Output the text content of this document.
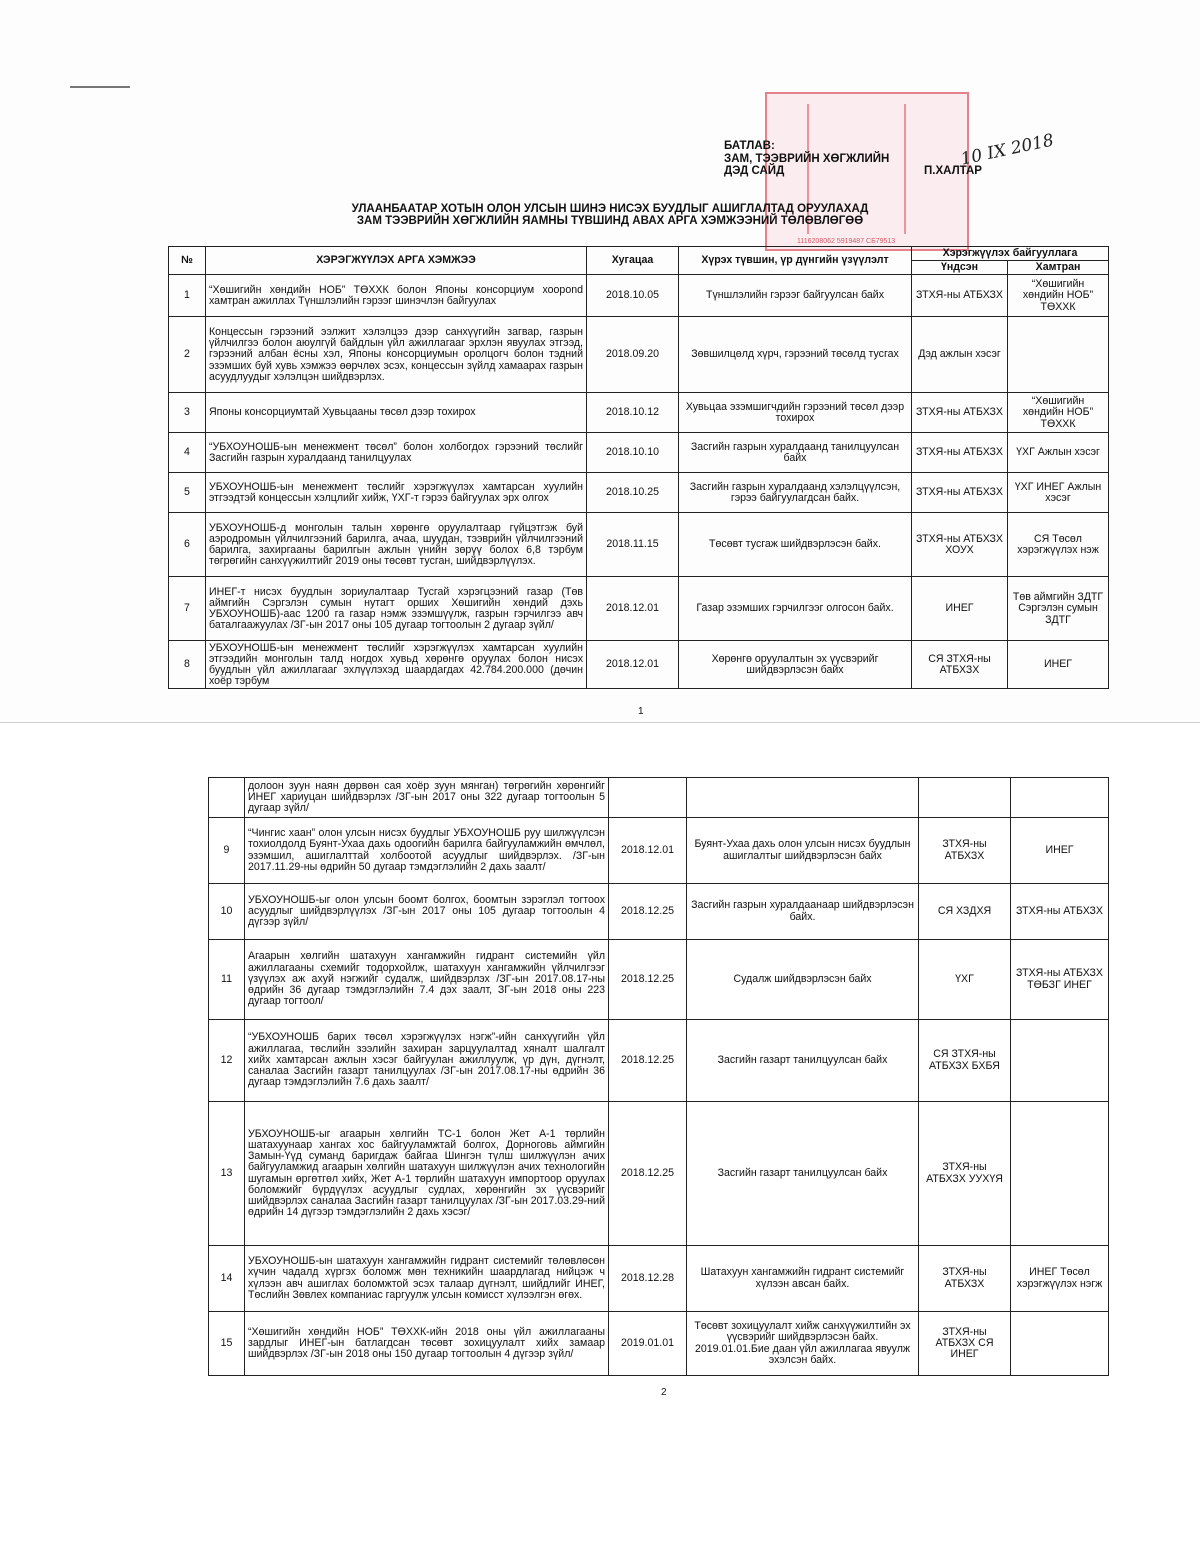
1116208062 5919487 CБ79513
БАТЛАВ:
ЗАМ, ТЭЭВРИЙН ХӨГЖЛИЙН
ДЭД САЙД	П.ХАЛТАР
10 IX 2018
УЛААНБААТАР ХОТЫН ОЛОН УЛСЫН ШИНЭ НИСЭХ БУУДЛЫГ АШИГЛАЛТАД ОРУУЛАХАД
ЗАМ ТЭЭВРИЙН ХӨГЖЛИЙН ЯАМНЫ ТҮВШИНД АВАХ АРГА ХЭМЖЭЭНИЙ ТӨЛӨВЛӨГӨӨ
№	ХЭРЭГЖҮҮЛЭХ АРГА ХЭМЖЭЭ	Хугацаа	Хүрэх түвшин, үр дүнгийн үзүүлэлт	Хэрэгжүүлэх байгууллага	
				Үндсэн	Хамтран
1	“Хөшигийн хөндийн НОБ” ТӨХХК болон Японы консорциум хоорond хамтран ажиллах Түншлэлийн гэрээг шинэчлэн байгуулах	2018.10.05	Түншлэлийн гэрээг байгуулсан байх	ЗТХЯ-ны АТБХЗХ	“Хөшигийн хөндийн НОБ” ТӨХХК
2	Концессын гэрээний ээлжит хэлэлцээ дээр санхүүгийн загвар, газрын үйлчилгээ болон аюулгүй байдлын үйл ажиллагааг эрхлэн явуулах этгээд, гэрээний албан ёсны хэл, Японы консорциумын оролцогч болон тэдний эзэмших буй хувь хэмжээ өөрчлөх эсэх, концессын зүйлд хамаарах газрын асуудлуудыг хэлэлцэн шийдвэрлэх.	2018.09.20	Зөвшилцөлд хүрч, гэрээний төсөлд тусгах	Дэд ажлын хэсэг	
3	Японы консорциумтай Хувьцааны төсөл дээр тохирох	2018.10.12	Хувьцаа эзэмшигчдийн гэрээний төсөл дээр тохирох	ЗТХЯ-ны АТБХЗХ	“Хөшигийн хөндийн НОБ” ТӨХХК
4	“УБХОУНОШБ-ын менежмент төсөл” болон холбогдох гэрээний төслийг Засгийн газрын хуралдаанд танилцуулах	2018.10.10	Засгийн газрын хуралдаанд танилцуулсан байх	ЗТХЯ-ны АТБХЗХ	ҮХГ Ажлын хэсэг
5	УБХОУНОШБ-ын менежмент төслийг хэрэгжүүлэх хамтарсан хуулийн этгээдтэй концессын хэлцлийг хийж, ҮХГ-т гэрээ байгуулах эрх олгох	2018.10.25	Засгийн газрын хуралдаанд хэлэлцүүлсэн, гэрээ байгуулагдсан байх.	ЗТХЯ-ны АТБХЗХ	ҮХГ ИНЕГ Ажлын хэсэг
6	УБХОУНОШБ-д монголын талын хөрөнгө оруулалтаар гүйцэтгэж буй аэродромын үйлчилгээний барилга, ачаа, шуудан, тээврийн үйлчилгээний барилга, захиргааны барилгын ажлын үнийн зөрүү болох 6,8 тэрбум төгрөгийн санхүүжилтийг 2019 оны төсөвт тусган, шийдвэрлүүлэх.	2018.11.15	Төсөвт тусгаж шийдвэрлэсэн байх.	ЗТХЯ-ны АТБХЗХ ХОУХ	СЯ Төсөл хэрэгжүүлэх нэж
7	ИНЕГ-т нисэх буудлын зориулалтаар Тусгай хэрэгцээний газар (Төв аймгийн Сэргэлэн сумын нутагт орших Хөшигийн хөндий дэхь УБХОУНОШБ)-аас 1200 га газар нэмж эзэмшүүлж, газрын гэрчилгээ авч баталгаажуулах /ЗГ-ын 2017 оны 105 дугаар тогтоолын 2 дугаар зүйл/	2018.12.01	Газар эзэмших гэрчилгээг олгосон байх.	ИНЕГ	Төв аймгийн ЗДТГ Сэргэлэн сумын ЗДТГ
8	УБХОУНОШБ-ын менежмент төслийг хэрэгжүүлэх хамтарсан хуулийн этгээдийн монголын талд ногдох хувьд хөрөнгө оруулах болон нисэх буудлын үйл ажиллагааг эхлүүлэхэд шаардагдах 42.784.200.000 (дөчин хоёр тэрбум	2018.12.01	Хөрөнгө оруулалтын эх үүсвэрийг шийдвэрлэсэн байх	СЯ ЗТХЯ-ны АТБХЗХ	ИНЕГ
1
	долоон зуун наян дөрвөн сая хоёр зуун мянган) төгрөгийн хөрөнгийг ИНЕГ хариуцан шийдвэрлэх /ЗГ-ын 2017 оны 322 дугаар тогтоолын 5 дугаар зүйл/				
9	“Чингис хаан” олон улсын нисэх буудлыг УБХОУНОШБ руу шилжүүлсэн тохиолдолд Буянт-Ухаа дахь одоогийн барилга байгууламжийн өмчлөл, эзэмшил, ашиглалттай холбоотой асуудлыг шийдвэрлэх. /ЗГ-ын 2017.11.29-ны өдрийн 50 дугаар тэмдэглэлийн 2 дахь заалт/	2018.12.01	Буянт-Ухаа дахь олон улсын нисэх буудлын ашиглалтыг шийдвэрлэсэн байх	ЗТХЯ-ны АТБХЗХ	ИНЕГ
10	УБХОУНОШБ-ыг олон улсын боомт болгох, боомтын зэрэглэл тогтоох асуудлыг шийдвэрлүүлэх /ЗГ-ын 2017 оны 105 дугаар тогтоолын 4 дүгээр зүйл/	2018.12.25	Засгийн газрын хуралдаанаар шийдвэрлэсэн байх.	СЯ ХЗДХЯ	ЗТХЯ-ны АТБХЗХ
11	Агаарын хөлгийн шатахуун хангамжийн гидрант системийн үйл ажиллагааны схемийг тодорхойлж, шатахуун хангамжийн үйлчилгээг үзүүлэх аж ахуй нэгжийг судалж, шийдвэрлэх /ЗГ-ын 2017.08.17-ны өдрийн 36 дугаар тэмдэглэлийн 7.4 дэх заалт, ЗГ-ын 2018 оны 223 дугаар тогтоол/	2018.12.25	Судалж шийдвэрлэсэн байх	ҮХГ	ЗТХЯ-ны АТБХЗХ ТӨБЗГ ИНЕГ
12	“УБХОУНОШБ барих төсөл хэрэгжүүлэх нэгж”-ийн санхүүгийн үйл ажиллагаа, төслийн зээлийн захиран зарцуулалтад хяналт шалгалт хийх хамтарсан ажлын хэсэг байгуулан ажиллуулж, үр дүн, дүгнэлт, саналаа Засгийн газарт танилцуулах /ЗГ-ын 2017.08.17-ны өдрийн 36 дугаар тэмдэглэлийн 7.6 дахь заалт/	2018.12.25	Засгийн газарт танилцуулсан байх	СЯ ЗТХЯ-ны АТБХЗХ БХБЯ	
13	УБХОУНОШБ-ыг агаарын хөлгийн ТС-1 болон Жет А-1 төрлийн шатахуунаар хангах хос байгууламжтай болгох, Дорноговь аймгийн Замын-Үүд суманд баригдаж байгаа Шингэн түлш шилжүүлэн ачих байгууламжид агаарын хөлгийн шатахуун шилжүүлэн ачих технологийн шугамын өргөтгөл хийх, Жет А-1 төрлийн шатахуун импортоор оруулах боломжийг бүрдүүлэх асуудлыг судлах, хөрөнгийн эх үүсвэрийг шийдвэрлэх саналаа Засгийн газарт танилцуулах /ЗГ-ын 2017.03.29-ний өдрийн 14 дүгээр тэмдэглэлийн 2 дахь хэсэг/	2018.12.25	Засгийн газарт танилцуулсан байх	ЗТХЯ-ны АТБХЗХ УУХҮЯ	
14	УБХОУНОШБ-ын шатахуун хангамжийн гидрант системийг төлөвлөсөн хүчин чадалд хүргэх боломж мөн техникийн шаардлагад нийцэж ч хүлээн авч ашиглах боломжтой эсэх талаар дүгнэлт, шийдлийг ИНЕГ, Төслийн Зөвлех компаниас гаргуулж улсын комисст хүлээлгэн өгөх.	2018.12.28	Шатахуун хангамжийн гидрант системийг хүлээн авсан байх.	ЗТХЯ-ны АТБХЗХ	ИНЕГ Төсөл хэрэгжүүлэх нэгж
15	“Хөшигийн хөндийн НОБ” ТӨХХК-ийн 2018 оны үйл ажиллагааны зардлыг ИНЕГ-ын батлагдсан төсөвт зохицуулалт хийх замаар шийдвэрлэх /ЗГ-ын 2018 оны 150 дугаар тогтоолын 4 дүгээр зүйл/	2019.01.01	Төсөвт зохицуулалт хийж санхүүжилтийн эх үүсвэрийг шийдвэрлэсэн байх. 2019.01.01.Бие даан үйл ажиллагаа явуулж эхэлсэн байх.	ЗТХЯ-ны АТБХЗХ СЯ ИНЕГ	
2
